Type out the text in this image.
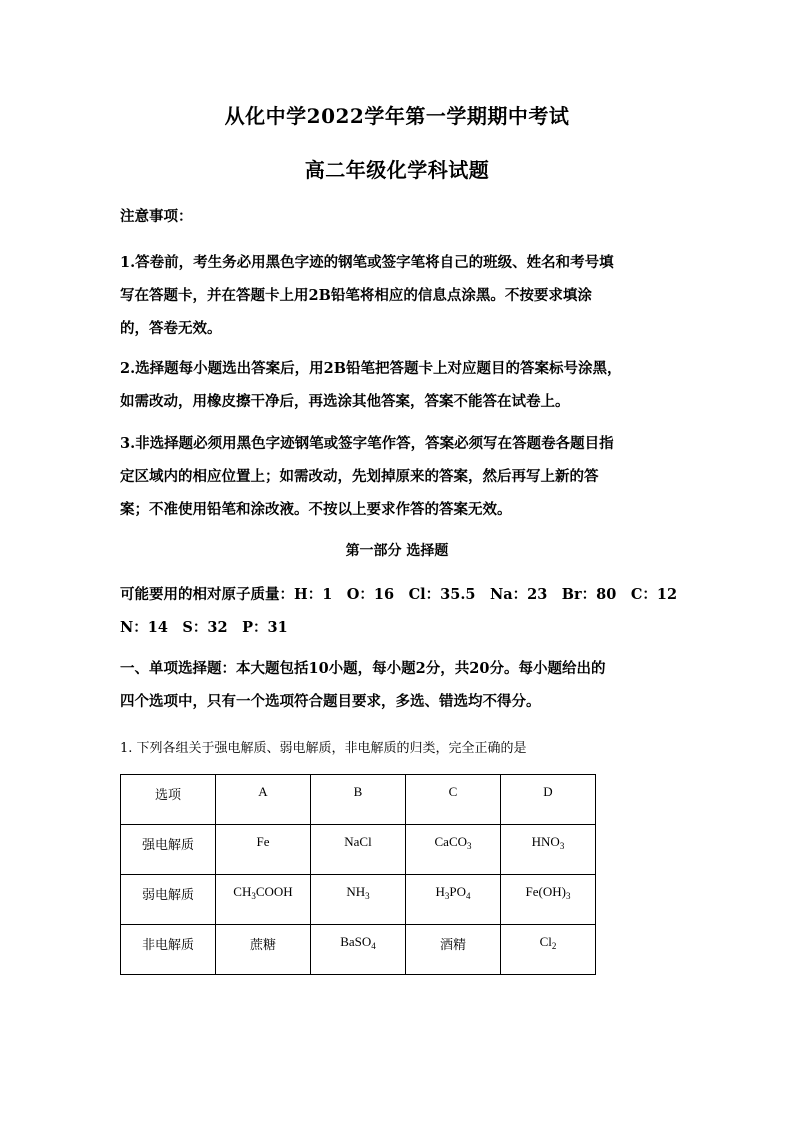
从化中学2022学年第一学期期中考试
高二年级化学科试题
注意事项：
1.答卷前，考生务必用黑色字迹的钢笔或签字笔将自己的班级、姓名和考号填
写在答题卡，并在答题卡上用2B铅笔将相应的信息点涂黑。不按要求填涂
的，答卷无效。
2.选择题每小题选出答案后，用2B铅笔把答题卡上对应题目的答案标号涂黑，
如需改动，用橡皮擦干净后，再选涂其他答案，答案不能答在试卷上。
3.非选择题必须用黑色字迹钢笔或签字笔作答，答案必须写在答题卷各题目指
定区域内的相应位置上；如需改动，先划掉原来的答案，然后再写上新的答
案；不准使用铅笔和涂改液。不按以上要求作答的答案无效。
第一部分 选择题
可能要用的相对原子质量：H：1　O：16　Cl：35.5　Na：23　Br：80　C：12
N：14　S：32　P：31
一、单项选择题：本大题包括10小题，每小题2分，共20分。每小题给出的
四个选项中，只有一个选项符合题目要求，多选、错选均不得分。
1. 下列各组关于强电解质、弱电解质，非电解质的归类，完全正确的是
选项	A	B	C	D
强电解质	Fe	NaCl	CaCO$_3$	$HNO_3$
弱电解质	$CH_3COOH$	$NH_3$	$H_3PO_4$	$Fe(OH)_3$
非电解质	蔗糖	BaSO$_4$	酒精	$Cl_2$
